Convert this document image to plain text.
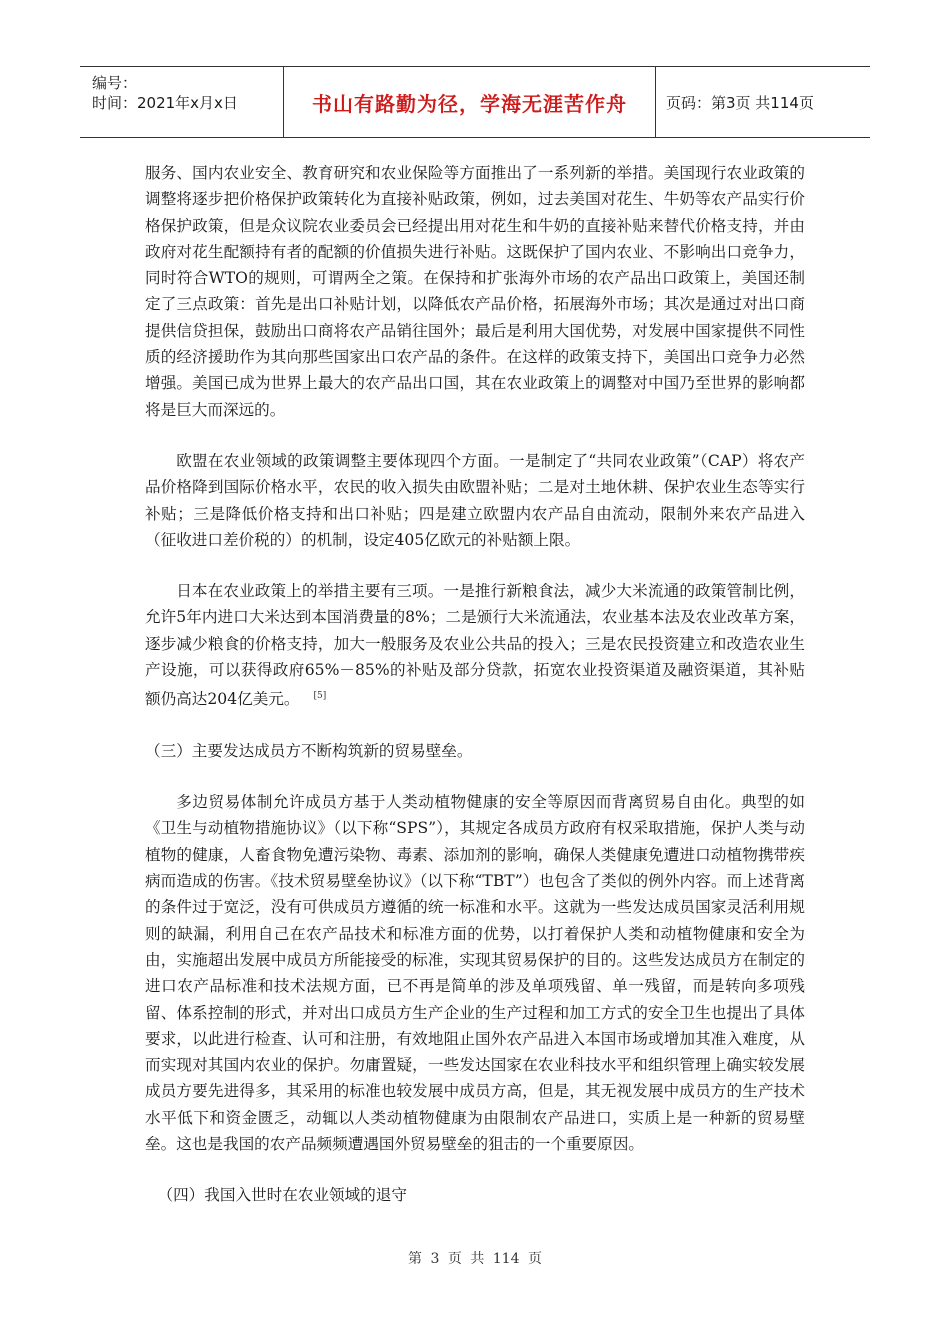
编号：
时间：2021年x月x日	书山有路勤为径，学海无涯苦作舟	页码：第3页 共114页

服务、国内农业安全、教育研究和农业保险等方面推出了一系列新的举措。美国现行农业政策的调整将逐步把价格保护政策转化为直接补贴政策，例如，过去美国对花生、牛奶等农产品实行价格保护政策，但是众议院农业委员会已经提出用对花生和牛奶的直接补贴来替代价格支持，并由政府对花生配额持有者的配额的价值损失进行补贴。这既保护了国内农业、不影响出口竞争力，同时符合WTO的规则，可谓两全之策。在保持和扩张海外市场的农产品出口政策上，美国还制定了三点政策：首先是出口补贴计划，以降低农产品价格，拓展海外市场；其次是通过对出口商提供信贷担保，鼓励出口商将农产品销往国外；最后是利用大国优势，对发展中国家提供不同性质的经济援助作为其向那些国家出口农产品的条件。在这样的政策支持下，美国出口竞争力必然增强。美国已成为世界上最大的农产品出口国，其在农业政策上的调整对中国乃至世界的影响都将是巨大而深远的。

欧盟在农业领域的政策调整主要体现四个方面。一是制定了“共同农业政策”（CAP）将农产品价格降到国际价格水平，农民的收入损失由欧盟补贴；二是对土地休耕、保护农业生态等实行补贴；三是降低价格支持和出口补贴；四是建立欧盟内农产品自由流动，限制外来农产品进入（征收进口差价税的）的机制，设定405亿欧元的补贴额上限。

日本在农业政策上的举措主要有三项。一是推行新粮食法，减少大米流通的政策管制比例，允许5年内进口大米达到本国消费量的8%；二是颁行大米流通法，农业基本法及农业改革方案，逐步减少粮食的价格支持，加大一般服务及农业公共品的投入；三是农民投资建立和改造农业生产设施，可以获得政府65%－85%的补贴及部分贷款，拓宽农业投资渠道及融资渠道，其补贴额仍高达204亿美元。 [5]

（三）主要发达成员方不断构筑新的贸易壁垒。

多边贸易体制允许成员方基于人类动植物健康的安全等原因而背离贸易自由化。典型的如《卫生与动植物措施协议》（以下称“SPS”），其规定各成员方政府有权采取措施，保护人类与动植物的健康，人畜食物免遭污染物、毒素、添加剂的影响，确保人类健康免遭进口动植物携带疾病而造成的伤害。《技术贸易壁垒协议》（以下称“TBT”）也包含了类似的例外内容。而上述背离的条件过于宽泛，没有可供成员方遵循的统一标准和水平。这就为一些发达成员国家灵活利用规则的缺漏，利用自己在农产品技术和标准方面的优势，以打着保护人类和动植物健康和安全为由，实施超出发展中成员方所能接受的标准，实现其贸易保护的目的。这些发达成员方在制定的进口农产品标准和技术法规方面，已不再是简单的涉及单项残留、单一残留，而是转向多项残留、体系控制的形式，并对出口成员方生产企业的生产过程和加工方式的安全卫生也提出了具体要求，以此进行检查、认可和注册，有效地阻止国外农产品进入本国市场或增加其准入难度，从而实现对其国内农业的保护。勿庸置疑，一些发达国家在农业科技水平和组织管理上确实较发展成员方要先进得多，其采用的标准也较发展中成员方高，但是，其无视发展中成员方的生产技术水平低下和资金匮乏，动辄以人类动植物健康为由限制农产品进口，实质上是一种新的贸易壁垒。这也是我国的农产品频频遭遇国外贸易壁垒的狙击的一个重要原因。

（四）我国入世时在农业领域的退守

第 3 页 共 114 页
